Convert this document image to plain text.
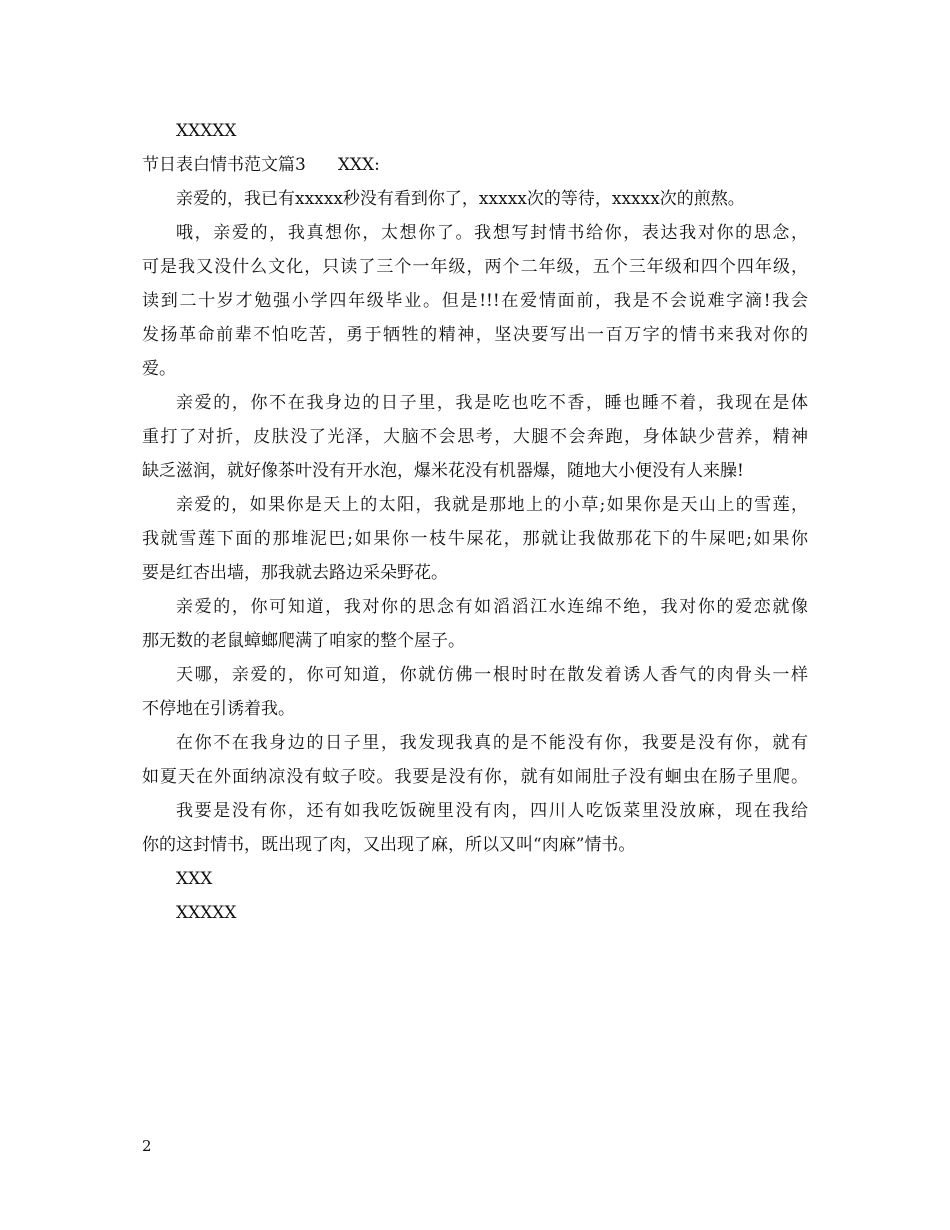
XXXXX
节日表白情书范文篇3 XXX:
亲爱的，我已有xxxxx秒没有看到你了，xxxxx次的等待，xxxxx次的煎熬。
哦，亲爱的，我真想你，太想你了。我想写封情书给你，表达我对你的思念，
可是我又没什么文化，只读了三个一年级，两个二年级，五个三年级和四个四年级，
读到二十岁才勉强小学四年级毕业。但是!!!在爱情面前，我是不会说难字滴!我会
发扬革命前辈不怕吃苦，勇于牺牲的精神，坚决要写出一百万字的情书来我对你的
爱。
亲爱的，你不在我身边的日子里，我是吃也吃不香，睡也睡不着，我现在是体
重打了对折，皮肤没了光泽，大脑不会思考，大腿不会奔跑，身体缺少营养，精神
缺乏滋润，就好像茶叶没有开水泡，爆米花没有机器爆，随地大小便没有人来臊!
亲爱的，如果你是天上的太阳，我就是那地上的小草;如果你是天山上的雪莲，
我就雪莲下面的那堆泥巴;如果你一枝牛屎花，那就让我做那花下的牛屎吧;如果你
要是红杏出墙，那我就去路边采朵野花。
亲爱的，你可知道，我对你的思念有如滔滔江水连绵不绝，我对你的爱恋就像
那无数的老鼠蟑螂爬满了咱家的整个屋子。
天哪，亲爱的，你可知道，你就仿佛一根时时在散发着诱人香气的肉骨头一样
不停地在引诱着我。
在你不在我身边的日子里，我发现我真的是不能没有你，我要是没有你，就有
如夏天在外面纳凉没有蚊子咬。我要是没有你，就有如闹肚子没有蛔虫在肠子里爬。
我要是没有你，还有如我吃饭碗里没有肉，四川人吃饭菜里没放麻，现在我给
你的这封情书，既出现了肉，又出现了麻，所以又叫“肉麻”情书。
XXX
XXXXX
2
